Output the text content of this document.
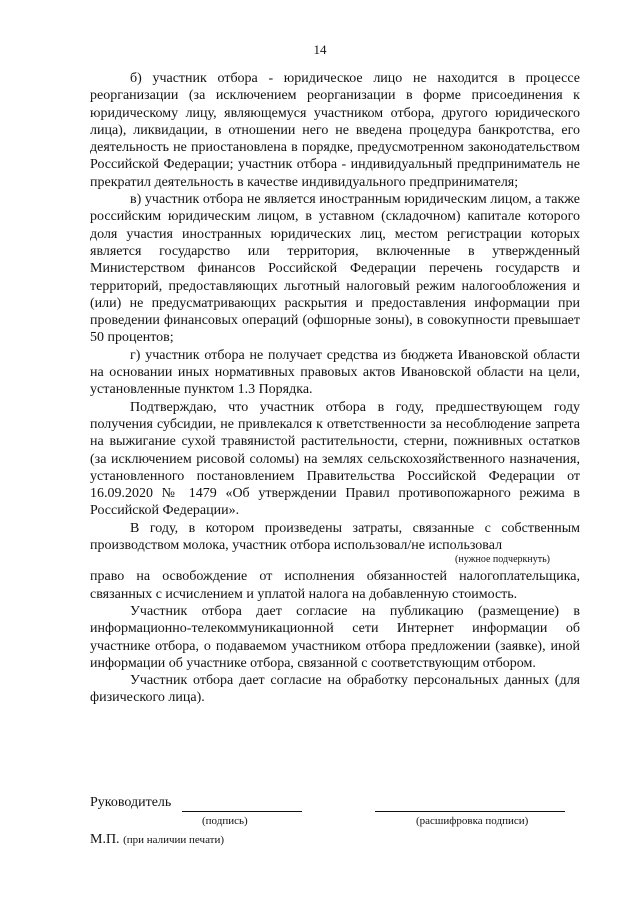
14

б) участник отбора - юридическое лицо не находится в процессе реорганизации (за исключением реорганизации в форме присоединения к юридическому лицу, являющемуся участником отбора, другого юридического лица), ликвидации, в отношении него не введена процедура банкротства, его деятельность не приостановлена в порядке, предусмотренном законодательством Российской Федерации; участник отбора - индивидуальный предприниматель не прекратил деятельность в качестве индивидуального предпринимателя;

в) участник отбора не является иностранным юридическим лицом, а также российским юридическим лицом, в уставном (складочном) капитале которого доля участия иностранных юридических лиц, местом регистрации которых является государство или территория, включенные в утвержденный Министерством финансов Российской Федерации перечень государств и территорий, предоставляющих льготный налоговый режим налогообложения и (или) не предусматривающих раскрытия и предоставления информации при проведении финансовых операций (офшорные зоны), в совокупности превышает 50 процентов;

г) участник отбора не получает средства из бюджета Ивановской области на основании иных нормативных правовых актов Ивановской области на цели, установленные пунктом 1.3 Порядка.

Подтверждаю, что участник отбора в году, предшествующем году получения субсидии, не привлекался к ответственности за несоблюдение запрета на выжигание сухой травянистой растительности, стерни, пожнивных остатков (за исключением рисовой соломы) на землях сельскохозяйственного назначения, установленного постановлением Правительства Российской Федерации от 16.09.2020 № 1479 «Об утверждении Правил противопожарного режима в Российской Федерации».

В году, в котором произведены затраты, связанные с собственным производством молока, участник отбора использовал/не использовал

(нужное подчеркнуть)

право на освобождение от исполнения обязанностей налогоплательщика, связанных с исчислением и уплатой налога на добавленную стоимость.

Участник отбора дает согласие на публикацию (размещение) в информационно-телекоммуникационной сети Интернет информации об участнике отбора, о подаваемом участником отбора предложении (заявке), иной информации об участнике отбора, связанной с соответствующим отбором.

Участник отбора дает согласие на обработку персональных данных (для физического лица).

Руководитель
(подпись)	(расшифровка подписи)
М.П. (при наличии печати)
